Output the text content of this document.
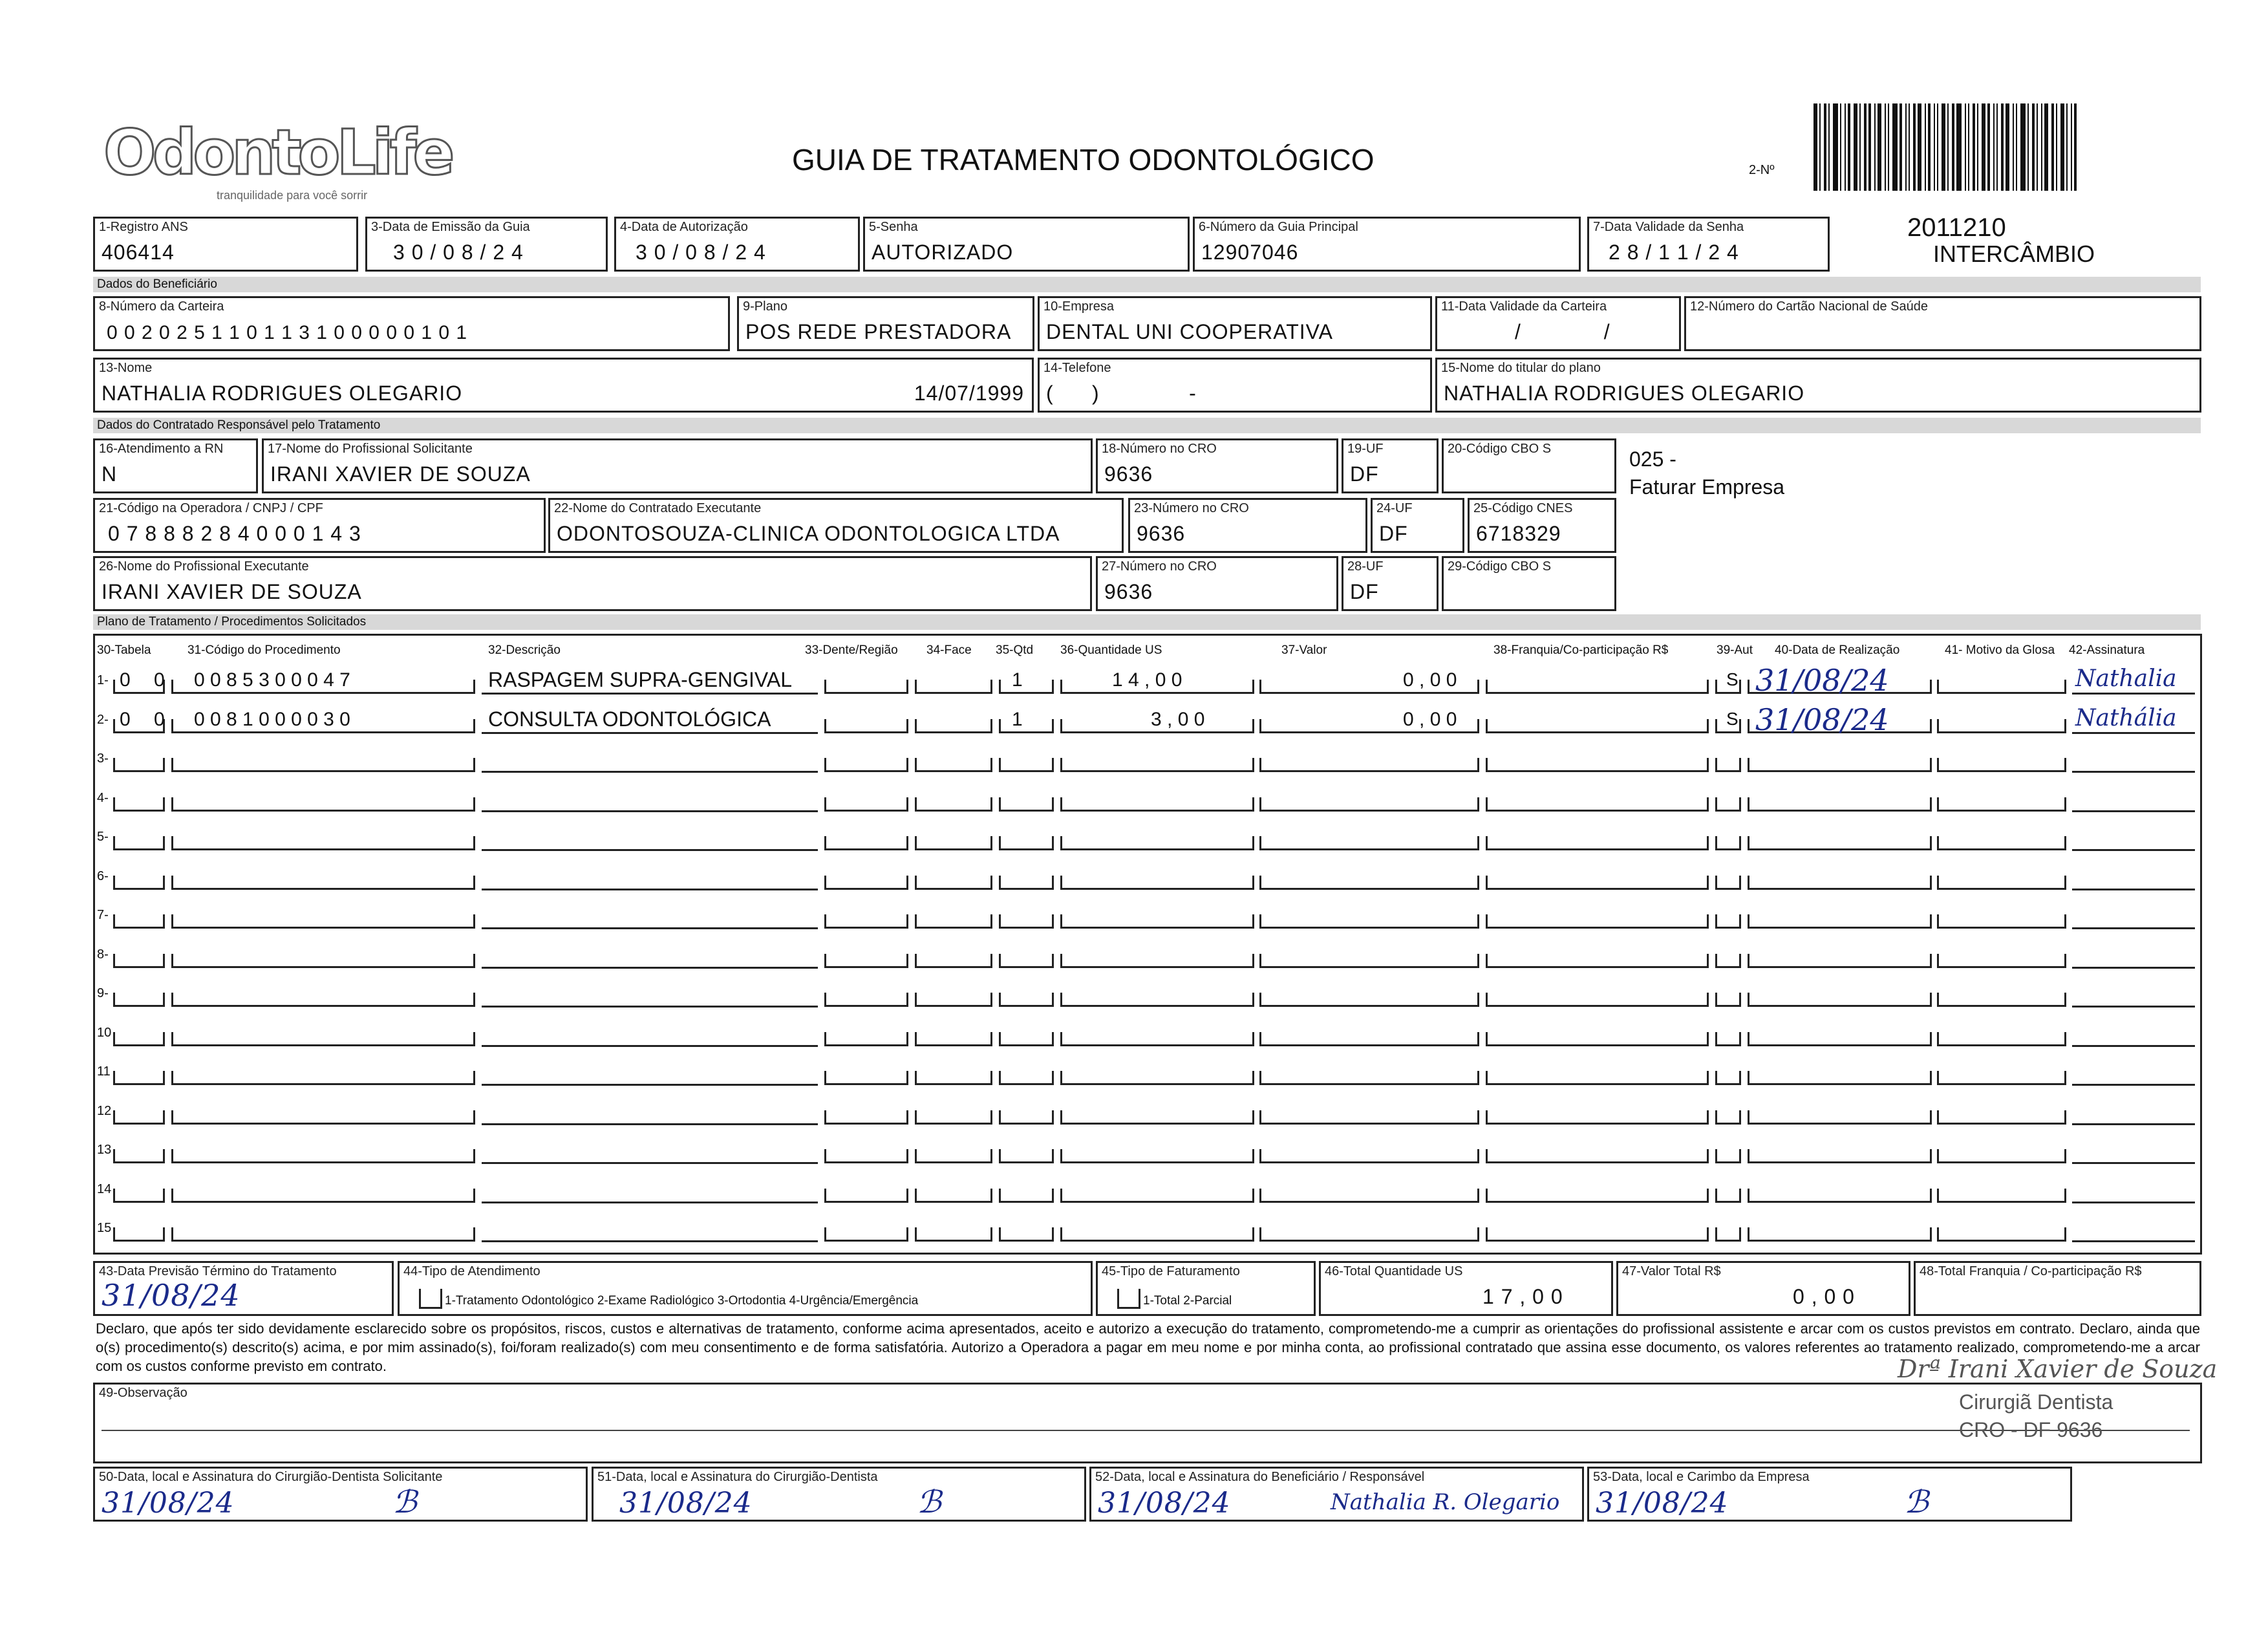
OdontoLife
tranquilidade para você sorrir
GUIA DE TRATAMENTO ODONTOLÓGICO	2-Nº
2011210
INTERCÂMBIO
1-Registro ANS
406414
3-Data de Emissão da Guia
3 0 / 0 8 / 2 4
4-Data de Autorização
3 0 / 0 8 / 2 4
5-Senha
AUTORIZADO
6-Número da Guia Principal
12907046
7-Data Validade da Senha
2 8 / 1 1 / 2 4
Dados do Beneficiário
8-Número da Carteira
0 0 2 0 2 5 1 1 0 1 1 3 1 0 0 0 0 0 1 0 1
9-Plano
POS REDE PRESTADORA
10-Empresa
DENTAL UNI COOPERATIVA
11-Data Validade da Carteira
/ /
12-Número do Cartão Nacional de Saúde
13-Nome
NATHALIA RODRIGUES OLEGARIO	14/07/1999
14-Telefone
(      )              -
15-Nome do titular do plano
NATHALIA RODRIGUES OLEGARIO
Dados do Contratado Responsável pelo Tratamento
16-Atendimento a RN
N
17-Nome do Profissional Solicitante
IRANI XAVIER DE SOUZA
18-Número no CRO
9636
19-UF
DF
20-Código CBO S	025 -
Faturar Empresa
21-Código na Operadora / CNPJ / CPF
0 7 8 8 8 2 8 4 0 0 0 1 4 3
22-Nome do Contratado Executante
ODONTOSOUZA-CLINICA ODONTOLOGICA LTDA
23-Número no CRO
9636
24-UF
DF
25-Código CNES
6718329
26-Nome do Profissional Executante
IRANI XAVIER DE SOUZA
27-Número no CRO
9636
28-UF
DF
29-Código CBO S
Plano de Tratamento / Procedimentos Solicitados
30-Tabela	31-Código do Procedimento	32-Descrição	33-Dente/Região 34-Face 35-Qtd 36-Quantidade US	37-Valor	38-Franquia/Co-participação R$	39-Aut 40-Data de Realização	41- Motivo da Glosa 42-Assinatura
1- 0 0 0 0 8 5 3 0 0 0 4 7	RASPAGEM SUPRA-GENGIVAL	1	1 4 , 0 0	0 , 0 0	S 31/08/24	Nathalia
2- 0 0 0 0 8 1 0 0 0 0 3 0	CONSULTA ODONTOLÓGICA	1	3 , 0 0	0 , 0 0	S 31/08/24	Nathália
3-
4-
5-
6-
7-
8-
9-
10
11
12
13
14
15
43-Data Previsão Término do Tratamento
31/08/24
44-Tipo de Atendimento
1-Tratamento Odontológico 2-Exame Radiológico 3-Ortodontia 4-Urgência/Emergência
45-Tipo de Faturamento
1-Total 2-Parcial
46-Total Quantidade US
1 7 , 0 0
47-Valor Total R$
0 , 0 0
48-Total Franquia / Co-participação R$
Declaro, que após ter sido devidamente esclarecido sobre os propósitos, riscos, custos e alternativas de tratamento, conforme acima apresentados, aceito e autorizo a execução do tratamento, comprometendo-me a cumprir as orientações do profissional assistente e arcar com os custos previstos em contrato. Declaro, ainda que o(s) procedimento(s) descrito(s) acima, e por mim assinado(s), foi/foram realizado(s) com meu consentimento e de forma satisfatória. Autorizo a Operadora a pagar em meu nome e por minha conta, ao profissional contratado que assina esse documento, os valores referentes ao tratamento realizado, comprometendo-me a arcar com os custos conforme previsto em contrato.
49-Observação
Drª Irani Xavier de Souza
Cirurgiã Dentista
CRO - DF 9636
50-Data, local e Assinatura do Cirurgião-Dentista Solicitante
31/08/24	ℬ
51-Data, local e Assinatura do Cirurgião-Dentista
31/08/24	ℬ
52-Data, local e Assinatura do Beneficiário / Responsável
31/08/24	Nathalia R. Olegario
53-Data, local e Carimbo da Empresa
31/08/24	ℬ
